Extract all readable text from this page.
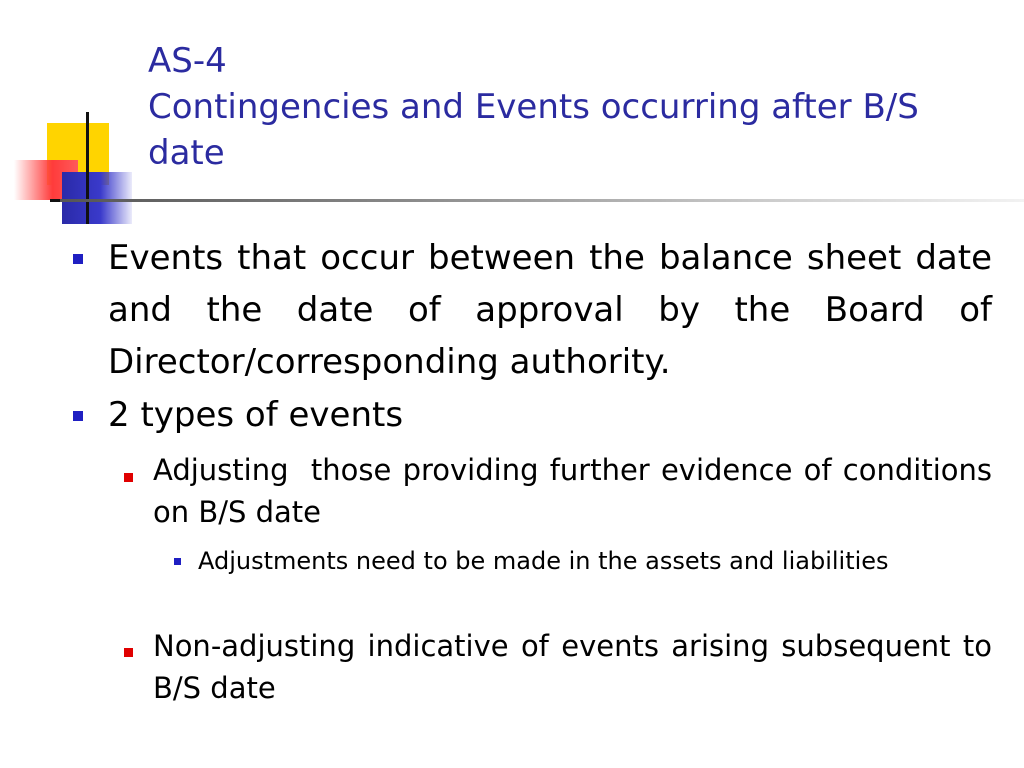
AS-4
Contingencies and Events occurring after B/S date
Events that occur between the balance sheet date and the date of approval by the Board of Director/corresponding authority.
2 types of events
Adjusting  those providing further evidence of conditions on B/S date
Adjustments need to be made in the assets and liabilities
Non-adjusting indicative of events arising subsequent to B/S date
